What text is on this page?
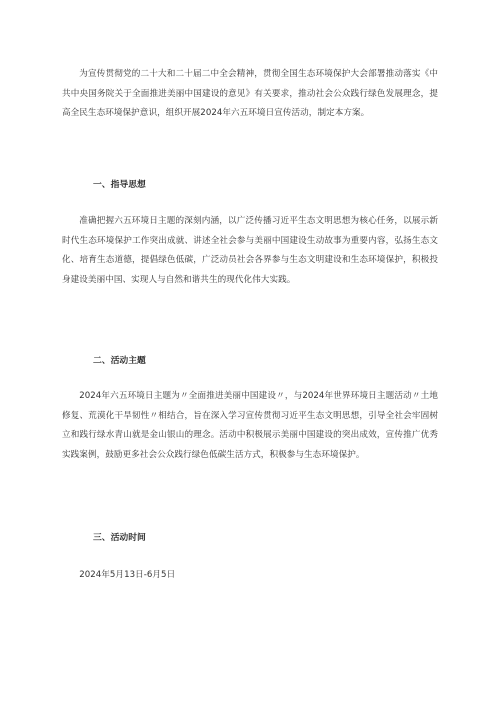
为宣传贯彻党的二十大和二十届二中全会精神，贯彻全国生态环境保护大会部署推动落实《中共中央国务院关于全面推进美丽中国建设的意见》有关要求，推动社会公众践行绿色发展理念，提高全民生态环境保护意识，组织开展2024年六五环境日宣传活动，制定本方案。

一、指导思想

准确把握六五环境日主题的深刻内涵，以广泛传播习近平生态文明思想为核心任务，以展示新时代生态环境保护工作突出成就、讲述全社会参与美丽中国建设生动故事为重要内容，弘扬生态文化、培育生态道德，提倡绿色低碳，广泛动员社会各界参与生态文明建设和生态环境保护，积极投身建设美丽中国、实现人与自然和谐共生的现代化伟大实践。

二、活动主题

2024年六五环境日主题为〃全面推进美丽中国建设〃，与2024年世界环境日主题活动〃土地修复、荒漠化干旱韧性〃相结合，旨在深入学习宣传贯彻习近平生态文明思想，引导全社会牢固树立和践行绿水青山就是金山银山的理念。活动中积极展示美丽中国建设的突出成效，宣传推广优秀实践案例，鼓励更多社会公众践行绿色低碳生活方式，积极参与生态环境保护。

三、活动时间

2024年5月13日-6月5日
